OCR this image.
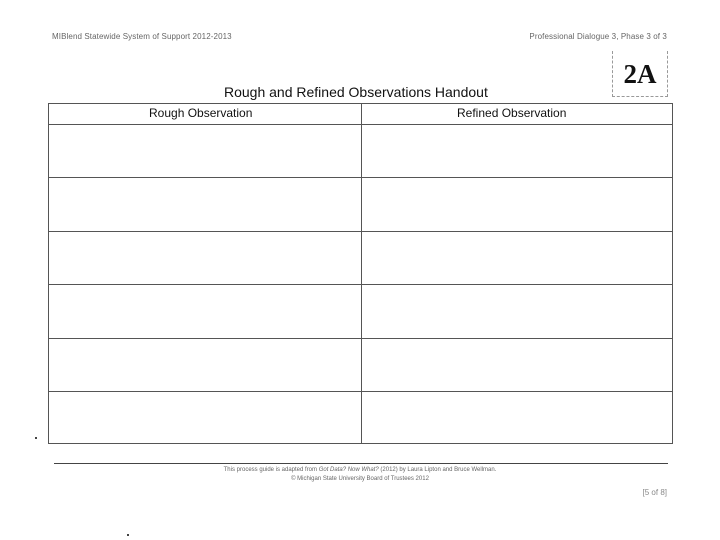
MIBlend Statewide System of Support 2012-2013	Professional Dialogue 3, Phase 3 of 3
2A
Rough and Refined Observations Handout
Rough Observation	Refined Observation
This process guide is adapted from Got Data? Now What? (2012) by Laura Lipton and Bruce Wellman.
© Michigan State University Board of Trustees 2012
[5 of 8]
